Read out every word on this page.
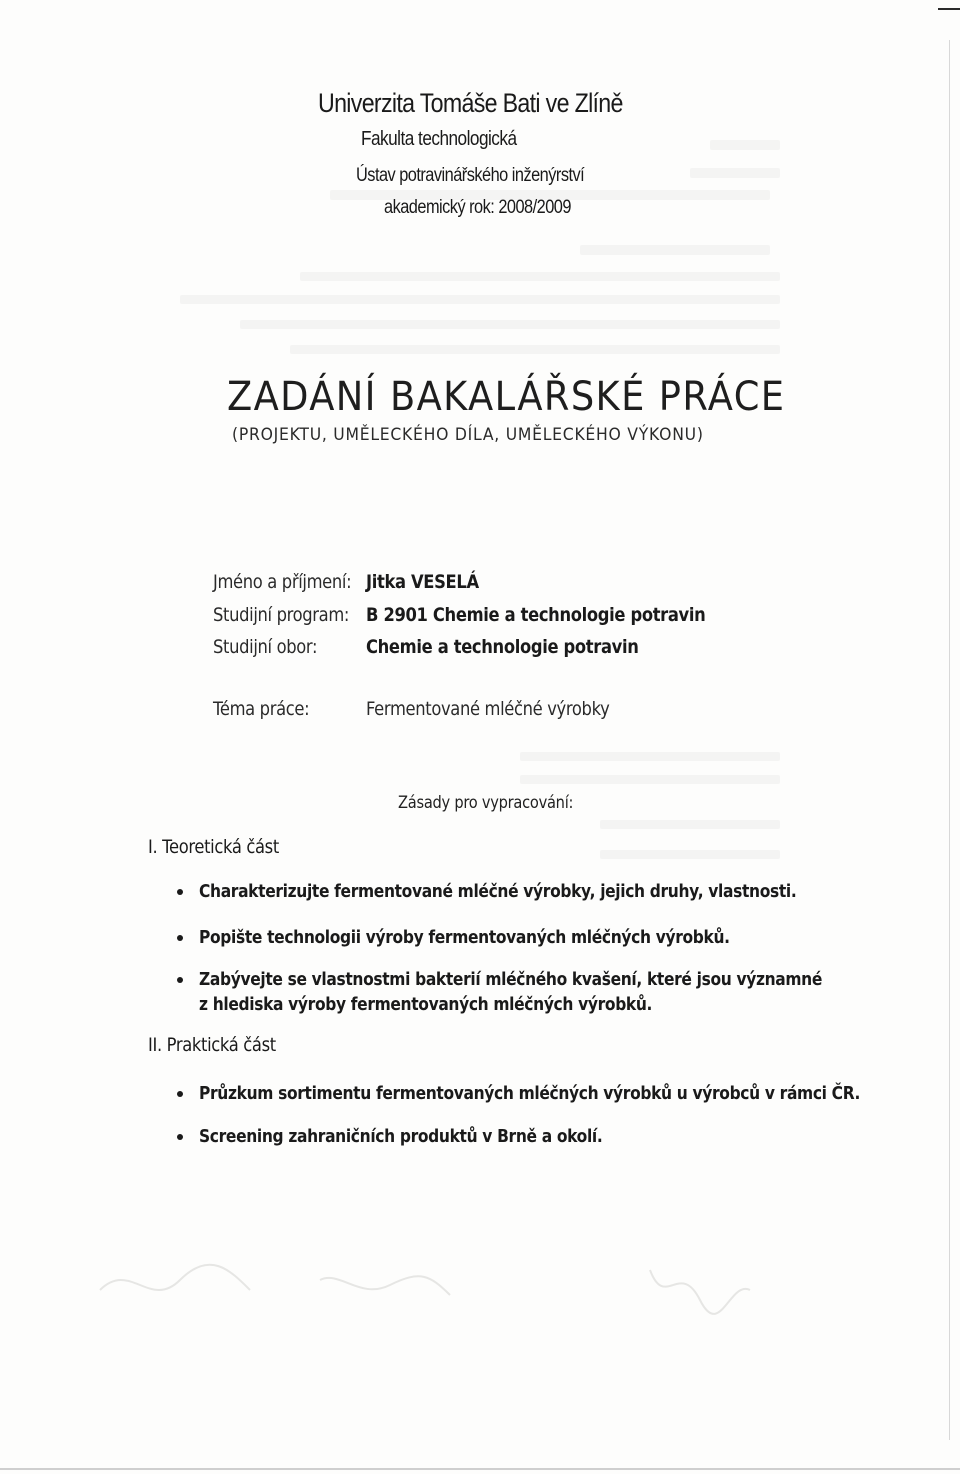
Univerzita Tomáše Bati ve Zlíně
Fakulta technologická
Ústav potravinářského inženýrství
akademický rok: 2008/2009
ZADÁNÍ BAKALÁŘSKÉ PRÁCE
(PROJEKTU, UMĚLECKÉHO DÍLA, UMĚLECKÉHO VÝKONU)
Jméno a příjmení: Jitka VESELÁ
Studijní program: B 2901 Chemie a technologie potravin
Studijní obor:	Chemie a technologie potravin
Téma práce:	Fermentované mléčné výrobky
Zásady pro vypracování:
I. Teoretická část
Charakterizujte fermentované mléčné výrobky, jejich druhy, vlastnosti.
Popište technologii výroby fermentovaných mléčných výrobků.
Zabývejte se vlastnostmi bakterií mléčného kvašení, které jsou významné
z hlediska výroby fermentovaných mléčných výrobků.
II. Praktická část
Průzkum sortimentu fermentovaných mléčných výrobků u výrobců v rámci ČR.
Screening zahraničních produktů v Brně a okolí.
